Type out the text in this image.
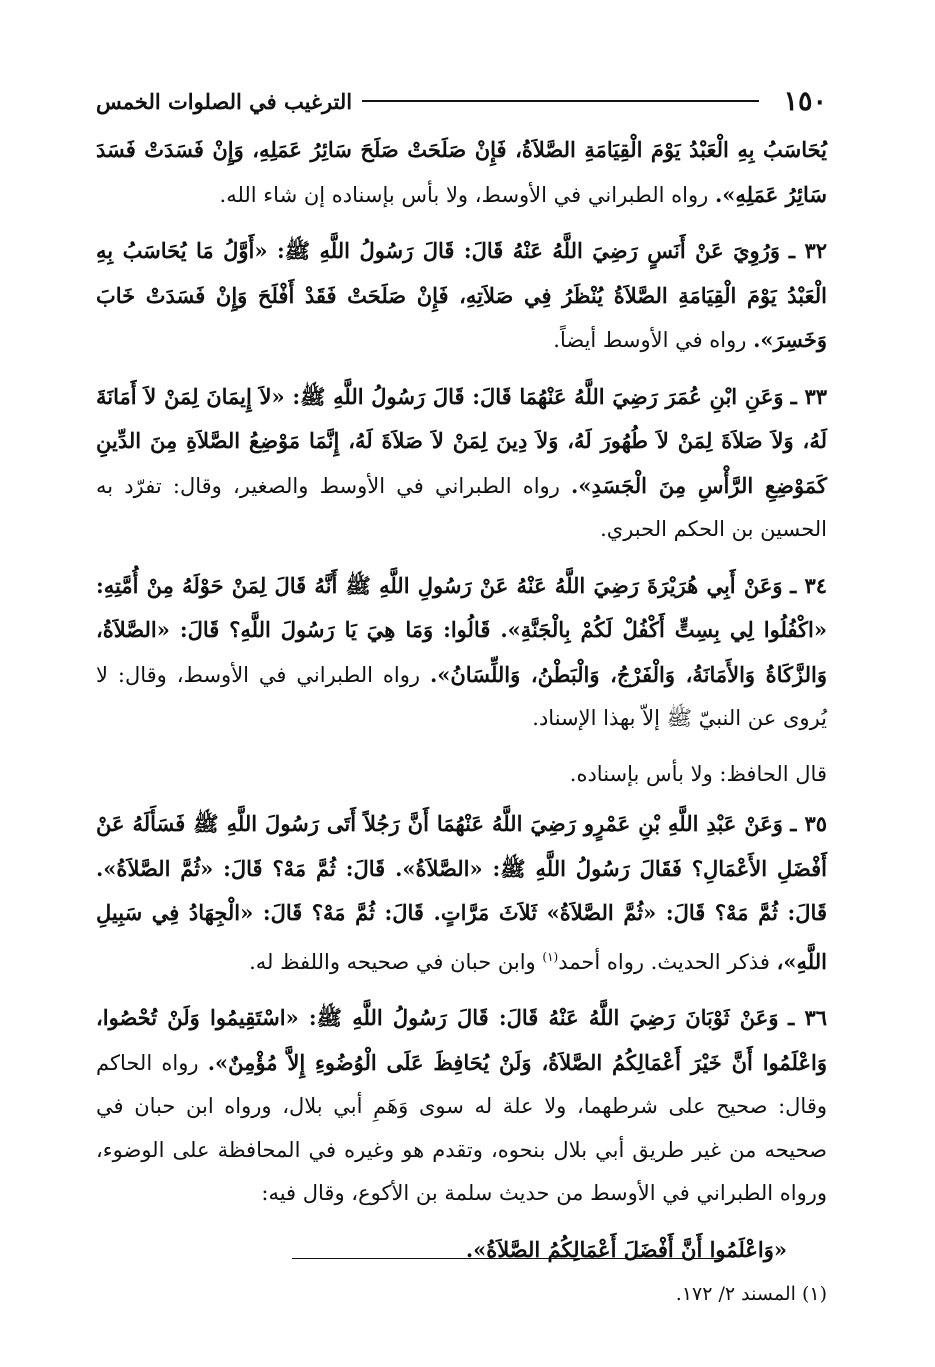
١٥٠
الترغيب في الصلوات الخمس

يُحَاسَبُ بِهِ الْعَبْدُ يَوْمَ الْقِيَامَةِ الصَّلاَةُ، فَإِنْ صَلَحَتْ صَلَحَ سَائِرُ عَمَلِهِ، وَإِنْ فَسَدَتْ فَسَدَ سَائِرُ عَمَلِهِ». رواه الطبراني في الأوسط، ولا بأس بإسناده إن شاء الله.

٣٢ ـ وَرُوِيَ عَنْ أَنَسٍ رَضِيَ اللَّهُ عَنْهُ قَالَ: قَالَ رَسُولُ اللَّهِ ﷺ: «أَوَّلُ مَا يُحَاسَبُ بِهِ الْعَبْدُ يَوْمَ الْقِيَامَةِ الصَّلاَةُ يُنْظَرُ فِي صَلاَتِهِ، فَإِنْ صَلَحَتْ فَقَدْ أَفْلَحَ وَإِنْ فَسَدَتْ خَابَ وَخَسِرَ». رواه في الأوسط أيضاً.

٣٣ ـ وَعَنِ ابْنِ عُمَرَ رَضِيَ اللَّهُ عَنْهُمَا قَالَ: قَالَ رَسُولُ اللَّهِ ﷺ: «لاَ إِيمَانَ لِمَنْ لاَ أَمَانَةَ لَهُ، وَلاَ صَلاَةَ لِمَنْ لاَ طُهُورَ لَهُ، وَلاَ دِينَ لِمَنْ لاَ صَلاَةَ لَهُ، إِنَّمَا مَوْضِعُ الصَّلاَةِ مِنَ الدِّينِ كَمَوْضِعِ الرَّأْسِ مِنَ الْجَسَدِ». رواه الطبراني في الأوسط والصغير، وقال: تفرّد به الحسين بن الحكم الحبري.

٣٤ ـ وَعَنْ أَبِي هُرَيْرَةَ رَضِيَ اللَّهُ عَنْهُ عَنْ رَسُولِ اللَّهِ ﷺ أَنَّهُ قَالَ لِمَنْ حَوْلَهُ مِنْ أُمَّتِهِ: «اكْفُلُوا لِي بِسِتٍّ أَكْفُلْ لَكُمْ بِالْجَنَّةِ». قَالُوا: وَمَا هِيَ يَا رَسُولَ اللَّهِ؟ قَالَ: «الصَّلاَةُ، وَالزَّكَاةُ وَالأَمَانَةُ، وَالْفَرْجُ، وَالْبَطْنُ، وَاللِّسَانُ». رواه الطبراني في الأوسط، وقال: لا يُروى عن النبيّ ﷺ إلاّ بهذا الإسناد.

قال الحافظ: ولا بأس بإسناده.

٣٥ ـ وَعَنْ عَبْدِ اللَّهِ بْنِ عَمْرٍو رَضِيَ اللَّهُ عَنْهُمَا أَنَّ رَجُلاً أَتَى رَسُولَ اللَّهِ ﷺ فَسَأَلَهُ عَنْ أَفْضَلِ الأَعْمَالِ؟ فَقَالَ رَسُولُ اللَّهِ ﷺ: «الصَّلاَةُ». قَالَ: ثُمَّ مَهْ؟ قَالَ: «ثُمَّ الصَّلاَةُ». قَالَ: ثُمَّ مَهْ؟ قَالَ: «ثُمَّ الصَّلاَةُ» ثَلاَثَ مَرَّاتٍ. قَالَ: ثُمَّ مَهْ؟ قَالَ: «الْجِهَادُ فِي سَبِيلِ اللَّهِ»، فذكر الحديث. رواه أحمد$^{(١)}$ وابن حبان في صحيحه واللفظ له.

٣٦ ـ وَعَنْ ثَوْبَانَ رَضِيَ اللَّهُ عَنْهُ قَالَ: قَالَ رَسُولُ اللَّهِ ﷺ: «اسْتَقِيمُوا وَلَنْ تُحْصُوا، وَاعْلَمُوا أَنَّ خَيْرَ أَعْمَالِكُمُ الصَّلاَةُ، وَلَنْ يُحَافِظَ عَلَى الْوُضُوءِ إِلاَّ مُؤْمِنٌ». رواه الحاكم وقال: صحيح على شرطهما، ولا علة له سوى وَهَمِ أبي بلال، ورواه ابن حبان في صحيحه من غير طريق أبي بلال بنحوه، وتقدم هو وغيره في المحافظة على الوضوء، ورواه الطبراني في الأوسط من حديث سلمة بن الأكوع، وقال فيه:

«وَاعْلَمُوا أَنَّ أَفْضَلَ أَعْمَالِكُمُ الصَّلاَةُ».

(١) المسند ٢/ ١٧٢.
